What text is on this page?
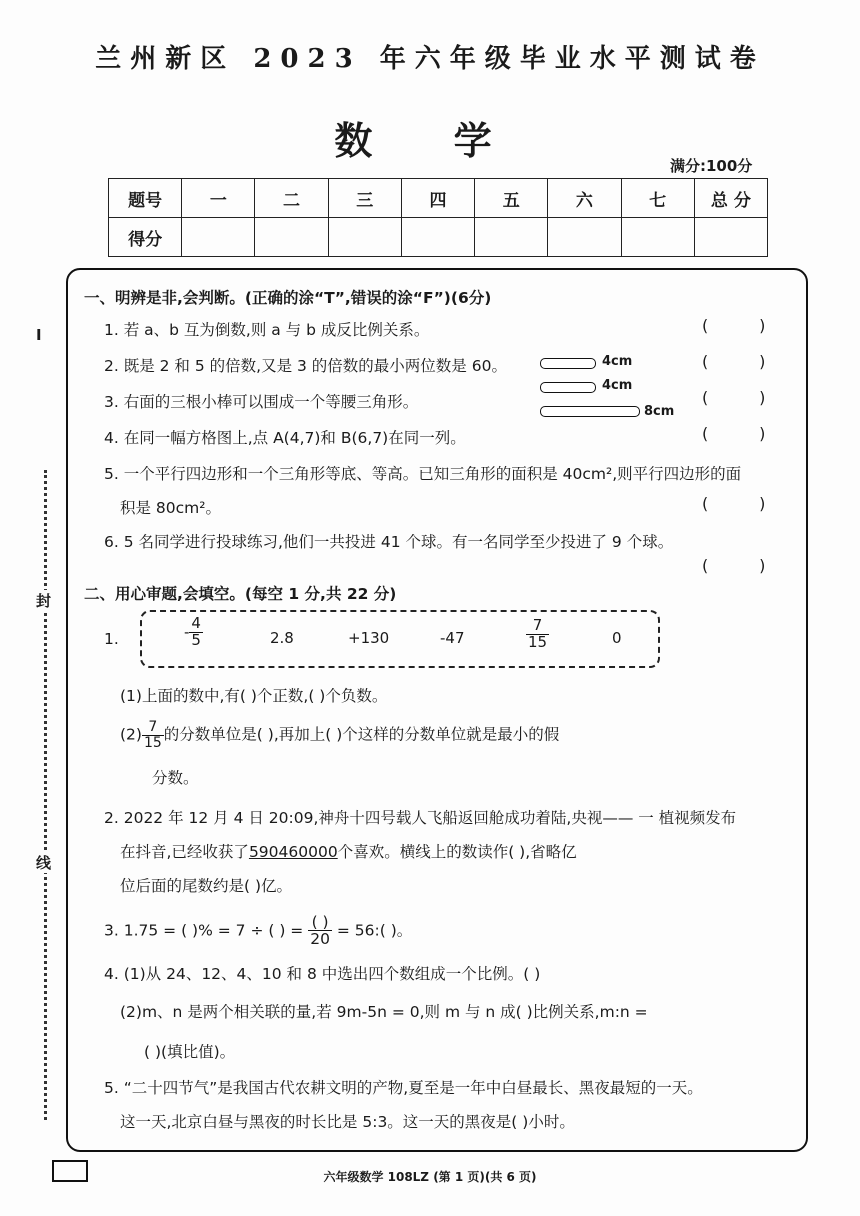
兰州新区 2023 年六年级毕业水平测试卷
数 学
满分:100分
题号	一	二	三	四	五	六	七	总 分
得分								
I
封
线
一、明辨是非,会判断。(正确的涂“T”,错误的涂“F”)(6分)
1. 若 a、b 互为倒数,则 a 与 b 成反比例关系。	(          )
2. 既是 2 和 5 的倍数,又是 3 的倍数的最小两位数是 60。	(          )
4cm
4cm
8cm
3. 右面的三根小棒可以围成一个等腰三角形。	(          )
4. 在同一幅方格图上,点 A(4,7)和 B(6,7)在同一列。	(          )
5. 一个平行四边形和一个三角形等底、等高。已知三角形的面积是 40cm²,则平行四边形的面
积是 80cm²。	(          )
6. 5 名同学进行投球练习,他们一共投进 41 个球。有一名同学至少投进了 9 个球。
(          )
二、用心审题,会填空。(每空 1 分,共 22 分)
1.	- $\frac{4}{5}$	2.8	+130	-47	$\frac{7}{15}$	0
(1)上面的数中,有( )个正数,( )个负数。
$(2) \frac{7}{15}$ 的分数单位是( ),再加上( )个这样的分数单位就是最小的假
分数。
2. 2022 年 12 月 4 日 20:09,神舟十四号载人飞船返回舱成功着陆,央视—— 一 植视频发布
在抖音,已经收获了590460000个喜欢。横线上的数读作( ),省略亿
位后面的尾数约是( )亿。
3. 1.75 = ( )% = 7 ÷ ( ) = $\frac{( )}{20}$ = 56:( )。
4. (1)从 24、12、4、10 和 8 中选出四个数组成一个比例。( )
(2)m、n 是两个相关联的量,若 9m-5n = 0,则 m 与 n 成( )比例关系,m:n =
( )(填比值)。
5. “二十四节气”是我国古代农耕文明的产物,夏至是一年中白昼最长、黑夜最短的一天。
这一天,北京白昼与黑夜的时长比是 5:3。这一天的黑夜是( )小时。
六年级数学 108LZ (第 1 页)(共 6 页)
